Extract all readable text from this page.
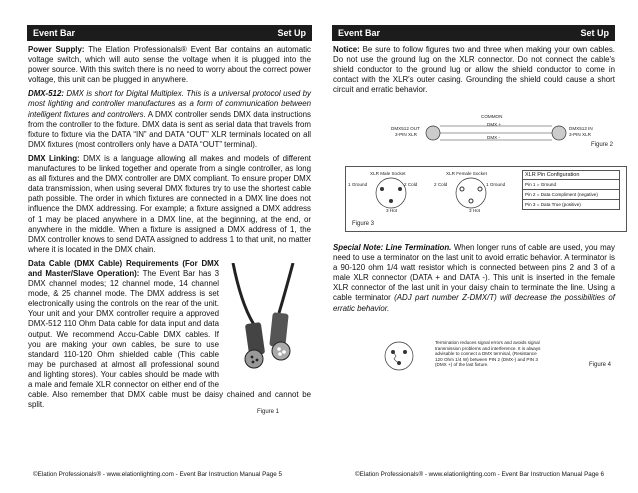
Event Bar	Set Up

Power Supply: The Elation Professionals® Event Bar contains an automatic voltage switch, which will auto sense the voltage when it is plugged into the power source. With this switch there is no need to worry about the correct power voltage, this unit can be plugged in anywhere.

DMX-512: DMX is short for Digital Multiplex. This is a universal protocol used by most lighting and controller manufactures as a form of communication between intelligent fixtures and controllers. A DMX controller sends DMX data instructions from the controller to the fixture. DMX data is sent as serial data that travels from fixture to fixture via the DATA “IN” and DATA “OUT” XLR terminals located on all DMX fixtures (most controllers only have a DATA “OUT” terminal).

DMX Linking: DMX is a language allowing all makes and models of different manufactures to be linked together and operate from a single controller, as long as all fixtures and the DMX controller are DMX compliant. To ensure proper DMX data transmission, when using several DMX fixtures try to use the shortest cable path possible. The order in which fixtures are connected in a DMX line does not influence the DMX addressing. For example; a fixture assigned a DMX address of 1 may be placed anywhere in a DMX line, at the beginning, at the end, or anywhere in the middle. When a fixture is assigned a DMX address of 1, the DMX controller knows to send DATA assigned to address 1 to that unit, no matter where it is located in the DMX chain.

Data Cable (DMX Cable) Requirements (For DMX and Master/Slave Operation): The Event Bar has 3 DMX channel modes; 12 channel mode, 14 channel mode, & 25 channel mode. The DMX address is set electronically using the controls on the rear of the unit. Your unit and your DMX controller require a approved DMX-512 110 Ohm Data cable for data input and data output. We recommend Accu-Cable DMX cables. If you are making your own cables, be sure to use standard 110-120 Ohm shielded cable (This cable may be purchased at almost all professional sound and lighting stores). Your cables should be made with a male and female XLR connector on either end of the cable. Also remember that DMX cable must be daisy chained and cannot be split.
Figure 1
©Elation Professionals® - www.elationlighting.com - Event Bar Instruction Manual Page 5
Event Bar	Set Up

Notice: Be sure to follow figures two and three when making your own cables. Do not use the ground lug on the XLR connector. Do not connect the cable's shield conductor to the ground lug or allow the shield conductor to come in contact with the XLR's outer casing. Grounding the shield could cause a short circuit and erratic behavior.

COMMON
DMX +
DMX -
DMX512 OUT
3-PIN XLR
DMX512 IN
3-PIN XLR
Figure 2
XLR Male Socket	XLR Female Socket
1 Ground	2 Cold
3 Hot
2 Cold	1 Ground
3 Hot
XLR Pin Configuration
Pin 1 = Ground
Pin 2 = Data Compliment (negative)
Pin 3 = Data True (positive)
Figure 3

Special Note: Line Termination. When longer runs of cable are used, you may need to use a terminator on the last unit to avoid erratic behavior. A terminator is a 90-120 ohm 1/4 watt resistor which is connected between pins 2 and 3 of a male XLR connector (DATA + and DATA -). This unit is inserted in the female XLR connector of the last unit in your daisy chain to terminate the line. Using a cable terminator (ADJ part number Z-DMX/T) will decrease the possibilities of erratic behavior.

Termination reduces signal errors and avoids signal transmission problems and interference. It is always advisable to connect a DMX terminal, (Resistance 120 Ohm 1/4 W) between PIN 2 (DMX-) and PIN 3 (DMX +) of the last fixture.	Figure 4
©Elation Professionals® - www.elationlighting.com - Event Bar Instruction Manual Page 6
